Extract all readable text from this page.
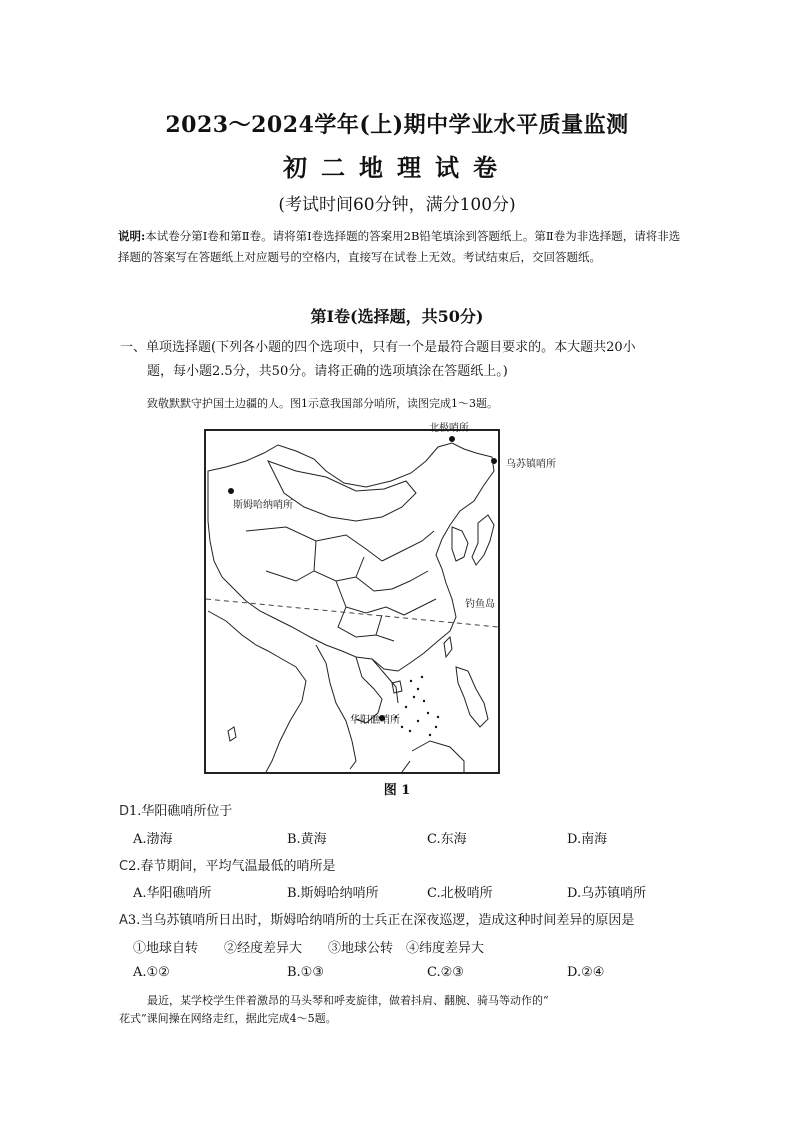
2023～2024学年(上)期中学业水平质量监测
初二地理试卷
(考试时间60分钟，满分100分)
说明:本试卷分第Ⅰ卷和第Ⅱ卷。请将第Ⅰ卷选择题的答案用2B铅笔填涂到答题纸上。第Ⅱ卷为非选择题，请将非选择题的答案写在答题纸上对应题号的空格内，直接写在试卷上无效。考试结束后，交回答题纸。
第Ⅰ卷(选择题，共50分)
一、单项选择题(下列各小题的四个选项中，只有一个是最符合题目要求的。本大题共20小
题，每小题2.5分，共50分。请将正确的选项填涂在答题纸上。)
致敬默默守护国土边疆的人。图1示意我国部分哨所，读图完成1～3题。
北极哨所
乌苏镇哨所
斯姆哈纳哨所
钓鱼岛
华阳礁哨所
图 1
D1.华阳礁哨所位于
A.渤海	B.黄海	C.东海	D.南海
C2.春节期间，平均气温最低的哨所是
A.华阳礁哨所	B.斯姆哈纳哨所	C.北极哨所	D.乌苏镇哨所
A3.当乌苏镇哨所日出时，斯姆哈纳哨所的士兵正在深夜巡逻，造成这种时间差异的原因是
①地球自转　　②经度差异大　　③地球公转　④纬度差异大
A.①②	B.①③	C.②③	D.②④
最近，某学校学生伴着激昂的马头琴和呼麦旋律，做着抖肩、翻腕、骑马等动作的“
花式”课间操在网络走红，据此完成4～5题。
